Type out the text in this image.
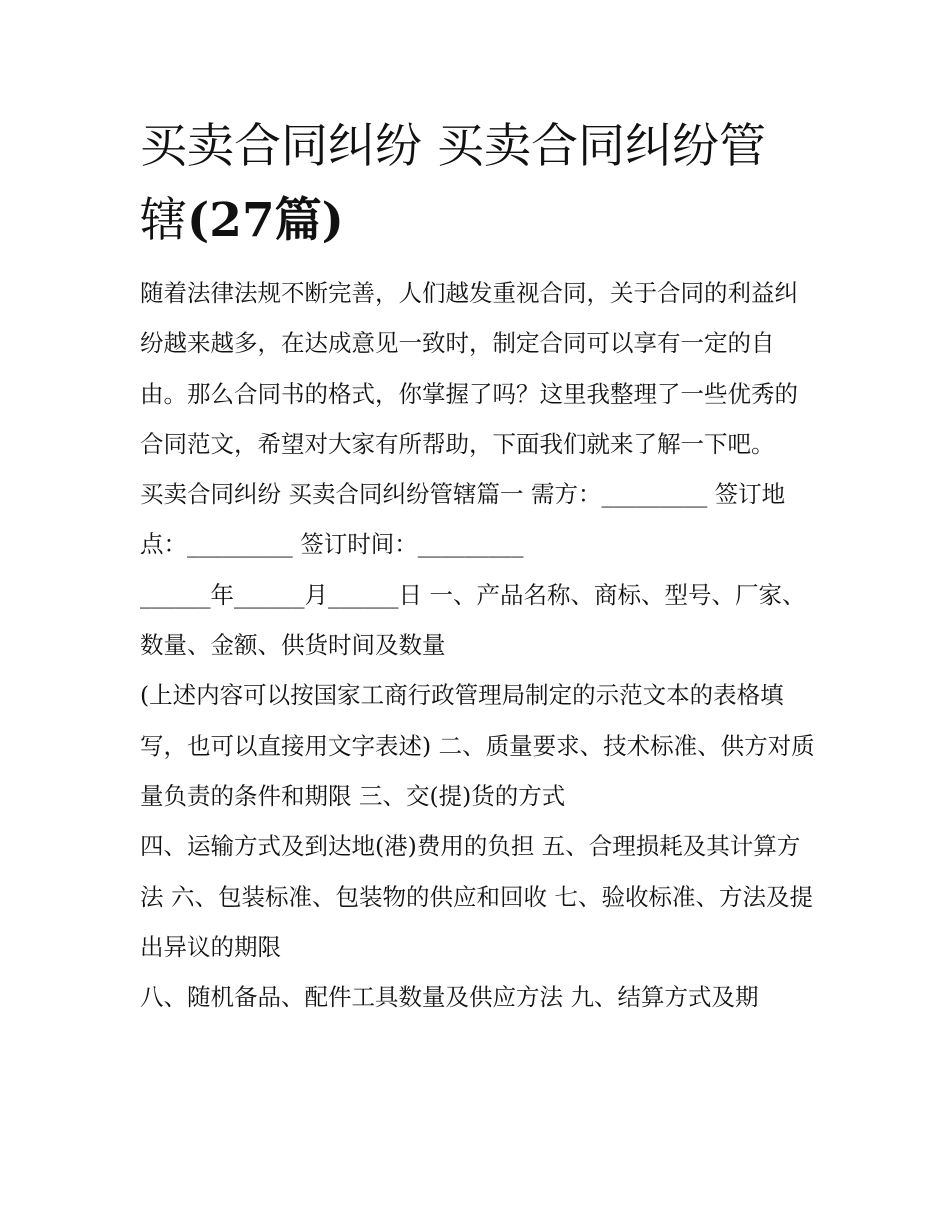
买卖合同纠纷 买卖合同纠纷管
辖(27篇)

随着法律法规不断完善，人们越发重视合同，关于合同的利益纠纷越来越多，在达成意见一致时，制定合同可以享有一定的自由。那么合同书的格式，你掌握了吗？这里我整理了一些优秀的合同范文，希望对大家有所帮助，下面我们就来了解一下吧。

买卖合同纠纷 买卖合同纠纷管辖篇一 需方：_________ 签订地点：_________ 签订时间：_________

______年______月______日 一、产品名称、商标、型号、厂家、数量、金额、供货时间及数量

(上述内容可以按国家工商行政管理局制定的示范文本的表格填写，也可以直接用文字表述) 二、质量要求、技术标准、供方对质量负责的条件和期限 三、交(提)货的方式

四、运输方式及到达地(港)费用的负担 五、合理损耗及其计算方法 六、包装标准、包装物的供应和回收 七、验收标准、方法及提出异议的期限

八、随机备品、配件工具数量及供应方法 九、结算方式及期
